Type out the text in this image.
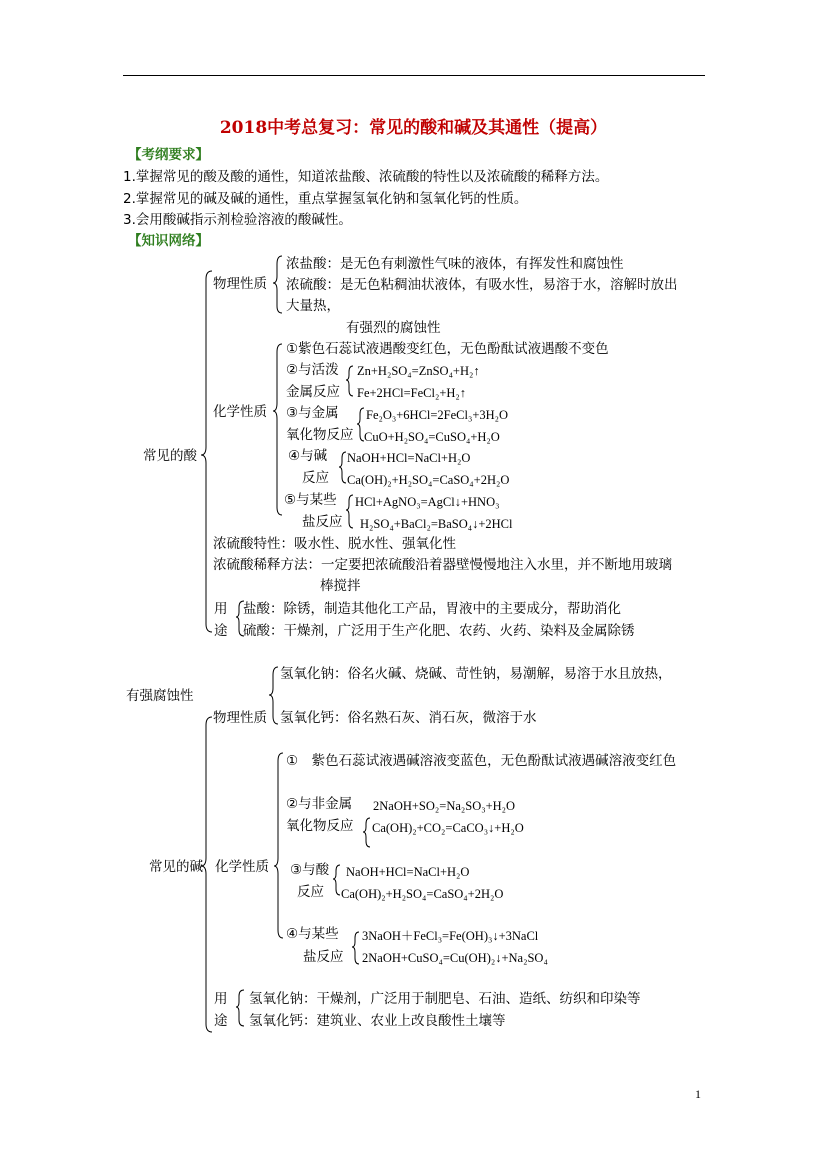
2018中考总复习：常见的酸和碱及其通性（提高）
【考纲要求】
1.掌握常见的酸及酸的通性，知道浓盐酸、浓硫酸的特性以及浓硫酸的稀释方法。
2.掌握常见的碱及碱的通性，重点掌握氢氧化钠和氢氧化钙的性质。
3.会用酸碱指示剂检验溶液的酸碱性。
【知识网络】
常见的酸
物理性质
浓盐酸：是无色有刺激性气味的液体，有挥发性和腐蚀性
浓硫酸：是无色粘稠油状液体，有吸水性，易溶于水，溶解时放出
大量热，
有强烈的腐蚀性
化学性质
①紫色石蕊试液遇酸变红色，无色酚酞试液遇酸不变色
②与活泼
金属反应
Zn+H₂SO₄=ZnSO₄+H₂↑
Fe+2HCl=FeCl₂+H₂↑
③与金属
氧化物反应
Fe₂O₃+6HCl=2FeCl₃+3H₂O
CuO+H₂SO₄=CuSO₄+H₂O
④与碱
反应
NaOH+HCl=NaCl+H₂O
Ca(OH)₂+H₂SO₄=CaSO₄+2H₂O
⑤与某些
盐反应
HCl+AgNO₃=AgCl↓+HNO₃
H₂SO₄+BaCl₂=BaSO₄↓+2HCl
浓硫酸特性：吸水性、脱水性、强氧化性
浓硫酸稀释方法：一定要把浓硫酸沿着器壁慢慢地注入水里，并不断地用玻璃
棒搅拌
用
途
盐酸：除锈，制造其他化工产品，胃液中的主要成分，帮助消化
硫酸：干燥剂，广泛用于生产化肥、农药、火药、染料及金属除锈
有强腐蚀性
常见的碱
物理性质
氢氧化钠：俗名火碱、烧碱、苛性钠，易潮解，易溶于水且放热，
氢氧化钙：俗名熟石灰、消石灰，微溶于水
化学性质
①　紫色石蕊试液遇碱溶液变蓝色，无色酚酞试液遇碱溶液变红色
②与非金属
氧化物反应
2NaOH+SO₂=Na₂SO₃+H₂O
Ca(OH)₂+CO₂=CaCO₃↓+H₂O
③与酸
反应
NaOH+HCl=NaCl+H₂O
Ca(OH)₂+H₂SO₄=CaSO₄+2H₂O
④与某些
盐反应
3NaOH＋FeCl₃=Fe(OH)₃↓+3NaCl
2NaOH+CuSO₄=Cu(OH)₂↓+Na₂SO₄
用
途
氢氧化钠：干燥剂，广泛用于制肥皂、石油、造纸、纺织和印染等
氢氧化钙：建筑业、农业上改良酸性土壤等
1
